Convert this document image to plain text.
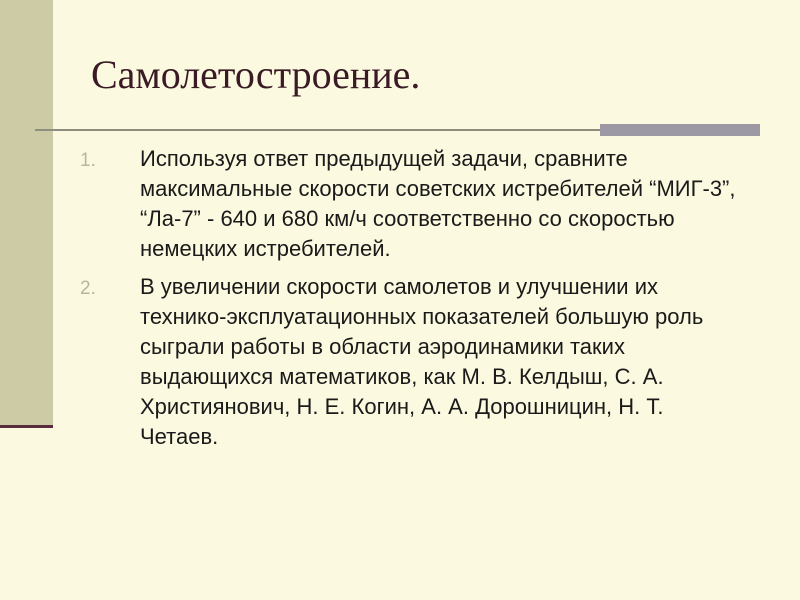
Самолетостроение.
1. Используя ответ предыдущей задачи, сравните максимальные скорости советских истребителей “МИГ-3”, “Ла-7” - 640 и 680 км/ч соответственно со скоростью немецких истребителей.
2. В увеличении скорости самолетов и улучшении их технико-эксплуатационных показателей большую роль сыграли работы в области аэродинамики таких выдающихся математиков, как М. В. Келдыш, С. А. Християнович, Н. Е. Когин, А. А. Дорошницин, Н. Т. Четаев.
